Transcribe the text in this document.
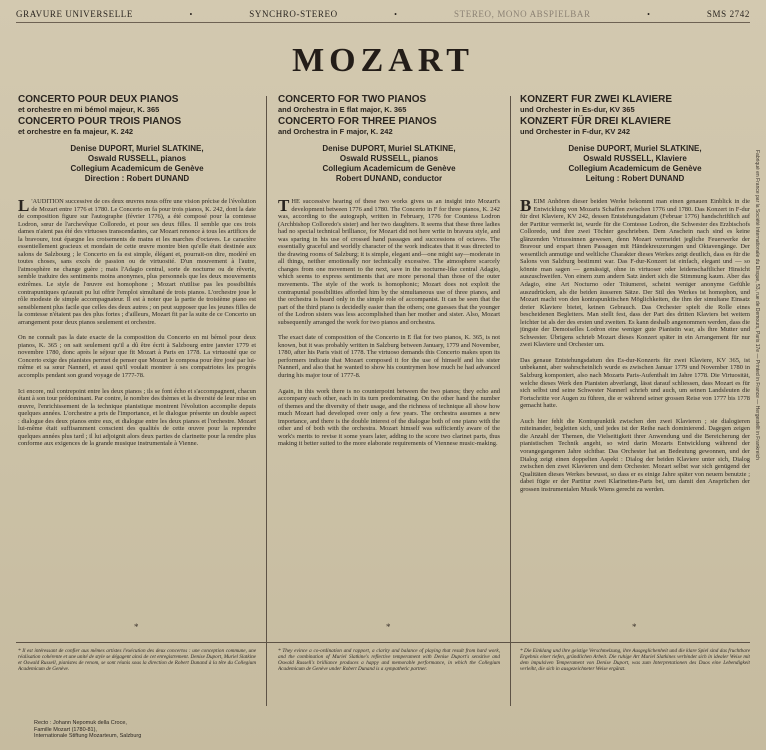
GRAVURE UNIVERSELLE	•	SYNCHRO-STEREO	•	STEREO, MONO ABSPIELBAR	•	SMS 2742
MOZART
CONCERTO POUR DEUX PIANOS
et orchestre en mi bémol majeur, K. 365
CONCERTO POUR TROIS PIANOS
et orchestre en fa majeur, K. 242
Denise DUPORT, Muriel SLATKINE,
Oswald RUSSELL, pianos
Collegium Academicum de Genève
Direction : Robert DUNAND

L 'AUDITION successive de ces deux œuvres nous offre une vision précise de l'évolution de Mozart entre 1776 et 1780. Le Concerto en fa pour trois pianos, K. 242, dont la date de composition figure sur l'autographe (février 1776), a été composé pour la comtesse Lodron, sœur de l'archevêque Colloredo, et pour ses deux filles. Il semble que ces trois dames n'aient pas été des virtuoses transcendantes, car Mozart renonce à tous les artifices de la bravoure, tout épargne les croisements de mains et les marches d'octaves. Le caractère essentiellement gracieux et mondain de cette œuvre montre bien qu'elle était destinée aux salons de Salzbourg ; le Concerto en fa est simple, élégant et, pourrait-on dire, modéré en toutes choses, sans excès de passion ou de virtuosité. D'un mouvement à l'autre, l'atmosphère ne change guère ; mais l'Adagio central, sorte de nocturne ou de rêverie, semble traduire des sentiments moins anonymes, plus personnels que les deux mouvements extrêmes. Le style de l'œuvre est homophone ; Mozart n'utilise pas les possibilités contrapuntiques qu'aurait pu lui offrir l'emploi simultané de trois pianos. L'orchestre joue le rôle modeste de simple accompagnateur. Il est à noter que la partie de troisième piano est sensiblement plus facile que celles des deux autres ; on peut supposer que les jeunes filles de la comtesse n'étaient pas des plus fortes ; d'ailleurs, Mozart fit par la suite de ce Concerto un arrangement pour deux pianos seulement et orchestre.

On ne connaît pas la date exacte de la composition du Concerto en mi bémol pour deux pianos, K. 365 ; on sait seulement qu'il a dû être écrit à Salzbourg entre janvier 1779 et novembre 1780, donc après le séjour que fit Mozart à Paris en 1778. La virtuosité que ce Concerto exige des pianistes permet de penser que Mozart le composa pour être joué par lui-même et sa sœur Nannerl, et aussi qu'il voulait montrer à ses compatriotes les progrès accomplis pendant son grand voyage de 1777-78.

Ici encore, nul contrepoint entre les deux pianos ; ils se font écho et s'accompagnent, chacun étant à son tour prédominant. Par contre, le nombre des thèmes et la diversité de leur mise en œuvre, l'enrichissement de la technique pianistique montrent l'évolution accomplie depuis quelques années. L'orchestre a pris de l'importance, et le dialogue présente un double aspect : dialogue des deux pianos entre eux, et dialogue entre les deux pianos et l'orchestre. Mozart lui-même était suffisamment conscient des qualités de cette œuvre pour la reprendre quelques années plus tard ; il lui adjoignit alors deux parties de clarinette pour la rendre plus conforme aux exigences de la grande musique instrumentale à Vienne.

CONCERTO FOR TWO PIANOS
and Orchestra in E flat major, K. 365
CONCERTO FOR THREE PIANOS
and Orchestra in F major, K. 242
Denise DUPORT, Muriel SLATKINE,
Oswald RUSSELL, pianos
Collegium Academicum de Genève
Robert DUNAND, conductor

THE successive hearing of these two works gives us an insight into Mozart's development between 1776 and 1780. The Concerto in F for three pianos, K. 242 was, according to the autograph, written in February, 1776 for Countess Lodron (Archbishop Colloredo's sister) and her two daughters. It seems that these three ladies had no special technical brilliance, for Mozart did not here write in bravura style, and was sparing in his use of crossed hand passages and successions of octaves. The essentially graceful and worldly character of the work indicates that it was directed to the drawing rooms of Salzburg; it is simple, elegant and—one might say—moderate in all things, neither emotionally nor technically excessive. The atmosphere scarcely changes from one movement to the next, save in the nocturne-like central Adagio, which seems to express sentiments that are more personal than those of the outer movements. The style of the work is homophonic; Mozart does not exploit the contrapuntal possibilities afforded him by the simultaneous use of three pianos, and the orchestra is heard only in the simple role of accompanist. It can be seen that the part of the third piano is decidedly easier than the others; one guesses that the younger of the Lodron sisters was less accomplished than her mother and sister. Also, Mozart subsequently arranged the work for two pianos and orchestra.

The exact date of composition of the Concerto in E flat for two pianos, K. 365, is not known, but it was probably written in Salzburg between January, 1779 and November, 1780, after his Paris visit of 1778. The virtuoso demands this Concerto makes upon its performers indicate that Mozart composed it for the use of himself and his sister Nannerl, and also that he wanted to show his countrymen how much he had advanced during his major tour of 1777-8.

Again, in this work there is no counterpoint between the two pianos; they echo and accompany each other, each in its turn predominating. On the other hand the number of themes and the diversity of their usage, and the richness of technique all show how much Mozart had developed over only a few years. The orchestra assumes a new importance, and there is the double interest of the dialogue both of one piano with the other and of both with the orchestra. Mozart himself was sufficiently aware of the work's merits to revise it some years later, adding to the score two clarinet parts, thus making it better suited to the more elaborate requirements of Viennese music-making.

KONZERT FÜR ZWEI KLAVIERE
und Orchester in Es-dur, KV 365
KONZERT FÜR DREI KLAVIERE
und Orchester in F-dur, KV 242
Denise DUPORT, Muriel SLATKINE,
Oswald RUSSELL, Klaviere
Collegium Academicum de Genève
Leitung : Robert DUNAND

BEIM Anhören dieser beiden Werke bekommt man einen genauen Einblick in die Entwicklung von Mozarts Schaffen zwischen 1776 und 1780. Das Konzert in F-dur für drei Klaviere, KV 242, dessen Entstehungsdatum (Februar 1776) handschriftlich auf der Partitur vermerkt ist, wurde für die Comtesse Lodron, die Schwester des Erzbischofs Colloredo, und ihre zwei Töchter geschrieben. Dem Anschein nach sind es keine glänzenden Virtuosinnen gewesen, denn Mozart vermeidet jegliche Feuerwerke der Bravour und erspart ihnen Passagen mit Händekreuzerungen und Oktavengänge. Der wesentlich anmutige und weltliche Charakter dieses Werkes zeigt deutlich, dass es für die Salons von Salzburg bestimmt war. Das F-dur-Konzert ist einfach, elegant und — so könnte man sagen — gemässigt, ohne in virtuoser oder leidenschaftlicher Hinsicht auszuschweifen. Von einem zum andern Satz ändert sich die Stimmung kaum. Aber das Adagio, eine Art Nocturno oder Träumerei, scheint weniger anonyme Gefühle auszudrücken, als die beiden äusseren Sätze. Der Stil des Werkes ist homophon, und Mozart macht von den kontrapunktischen Möglichkeiten, die ihm der simultane Einsatz dreier Klaviere bietet, keinen Gebrauch. Das Orchester spielt die Rolle eines bescheidenen Begleiters. Man stellt fest, dass der Part des dritten Klaviers bei weitem leichter ist als der des ersten und zweiten. Es kann deshalb angenommen werden, dass die jüngste der Demoiselles Lodron eine weniger gute Pianistin war, als ihre Mutter und Schwester. Übrigens schrieb Mozart dieses Konzert später in ein Arrangement für nur zwei Klaviere und Orchester um.

Das genaue Entstehungsdatum des Es-dur-Konzerts für zwei Klaviere, KV 365, ist unbekannt, aber wahrscheinlich wurde es zwischen Januar 1779 und November 1780 in Salzburg komponiert, also nach Mozarts Paris-Aufenthalt im Jahre 1778. Die Virtuosität, welche dieses Werk den Pianisten abverlangt, lässt darauf schliessen, dass Mozart es für sich selbst und seine Schwester Nannerl schrieb und auch, um seinen Landsleuten die Fortschritte vor Augen zu führen, die er während seiner grossen Reise von 1777 bis 1778 gemacht hatte.

Auch hier fehlt die Kontrapunktik zwischen den zwei Klavieren ; sie dialogieren miteinander, begleiten sich, und jedes ist der Reihe nach dominierend. Dagegen zeigen die Anzahl der Themen, die Vielseitigkeit ihrer Anwendung und die Bereicherung der pianistischen Technik angeht, so wird darin Mozarts Entwicklung während der vorangegangenen Jahre sichtbar. Das Orchester hat an Bedeutung gewonnen, und der Dialog zeigt einen doppelten Aspekt : Dialog der beiden Klaviere unter sich, Dialog zwischen den zwei Klavieren und dem Orchester. Mozart selbst war sich genügend der Qualitäten dieses Werkes bewusst, so dass er es einige Jahre später von neuem benutzte ; dabei fügte er der Partitur zwei Klarinetten-Parts bei, um damit den Ansprüchen der grossen instrumentalen Musik Wiens gerecht zu werden.

*	*	*
* Il est intéressant de confier aux mêmes artistes l'exécution des deux concertos : une conception commune, une réalisation cohérente et une unité de style se dégagent ainsi de cet enregistrement. Denise Duport, Muriel Slatkine et Oswald Russell, pianistes de renom, se sont réunis sous la direction de Robert Dunand à la tête du Collegium Academicum de Genève.
* They evince a co-ordination and rapport, a clarity and balance of playing that result from hard work, and the combination of Muriel Slatkine's reflective temperament with Denise Duport's sensitive and Oswald Russell's brilliance produces a happy and memorable performance, in which the Collegium Academicum de Genève under Robert Dunand is a sympathetic partner.
* Die Einklang und ihre geistige Verschmelzung, ihre Ausgeglichenheit und die klare Spiel sind das fruchtbare Ergebnis einer tiefen, gründlichen Arbeit. Die ruhige Art Muriel Slatkines verbindet sich in idealer Weise mit dem impulsiven Temperament von Denise Duport, was zum Interpretationen des Duos eine Lebendigkeit verleiht, die sich in ausgezeichneter Weise ergänzt.
Recto : Johann Nepomuk della Croce,
Famille Mozart (1780-81),
Internationale Stiftung Mozarteum, Salzburg
Fabriqué en France par la Société Internationale du Disque, 53, rue de Demours, Paris 17e — Printed in France — Hergestellt in Frankreich
